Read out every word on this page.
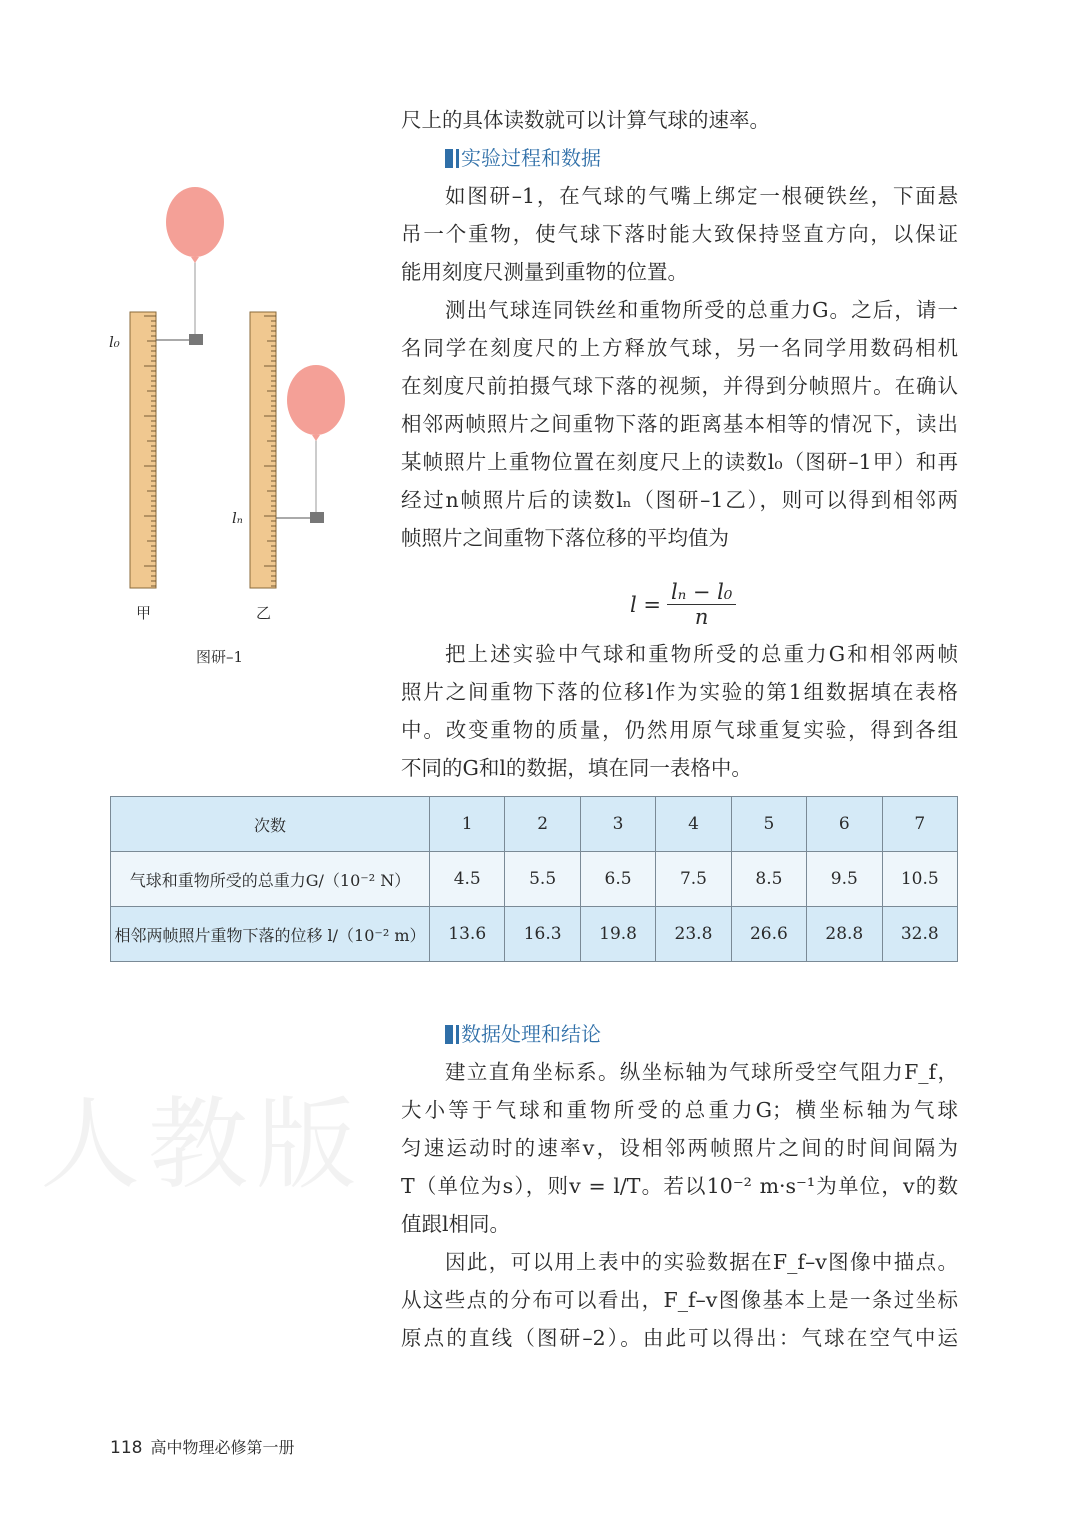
人教版
尺上的具体读数就可以计算气球的速率。
实验过程和数据
如图研–1，在气球的气嘴上绑定一根硬铁丝，下面悬
吊一个重物，使气球下落时能大致保持竖直方向，以保证
能用刻度尺测量到重物的位置。
测出气球连同铁丝和重物所受的总重力G。之后，请一
名同学在刻度尺的上方释放气球，另一名同学用数码相机
在刻度尺前拍摄气球下落的视频，并得到分帧照片。在确认
相邻两帧照片之间重物下落的距离基本相等的情况下，读出
某帧照片上重物位置在刻度尺上的读数l₀（图研–1甲）和再
经过n帧照片后的读数lₙ（图研–1乙），则可以得到相邻两
帧照片之间重物下落位移的平均值为
$l = \frac{\text{lₙ − l₀}}{n}$
把上述实验中气球和重物所受的总重力G和相邻两帧
照片之间重物下落的位移l作为实验的第1组数据填在表格
中。改变重物的质量，仍然用原气球重复实验，得到各组
不同的G和l的数据，填在同一表格中。
次数	1	2	3	4	5	6	7
气球和重物所受的总重力G/（10⁻² N）	4.5	5.5	6.5	7.5	8.5	9.5	10.5
相邻两帧照片重物下落的位移 l/（10⁻² m）	13.6	16.3	19.8	23.8	26.6	28.8	32.8
数据处理和结论
建立直角坐标系。纵坐标轴为气球所受空气阻力F_f，
大小等于气球和重物所受的总重力G；横坐标轴为气球
匀速运动时的速率v，设相邻两帧照片之间的时间间隔为
T（单位为s），则v = l/T。若以10⁻² m·s⁻¹为单位，v的数
值跟l相同。
因此，可以用上表中的实验数据在F_f–v图像中描点。
从这些点的分布可以看出，F_f–v图像基本上是一条过坐标
原点的直线（图研–2）。由此可以得出：气球在空气中运
l₀
lₙ
甲	乙
图研–1
118 高中物理必修第一册
